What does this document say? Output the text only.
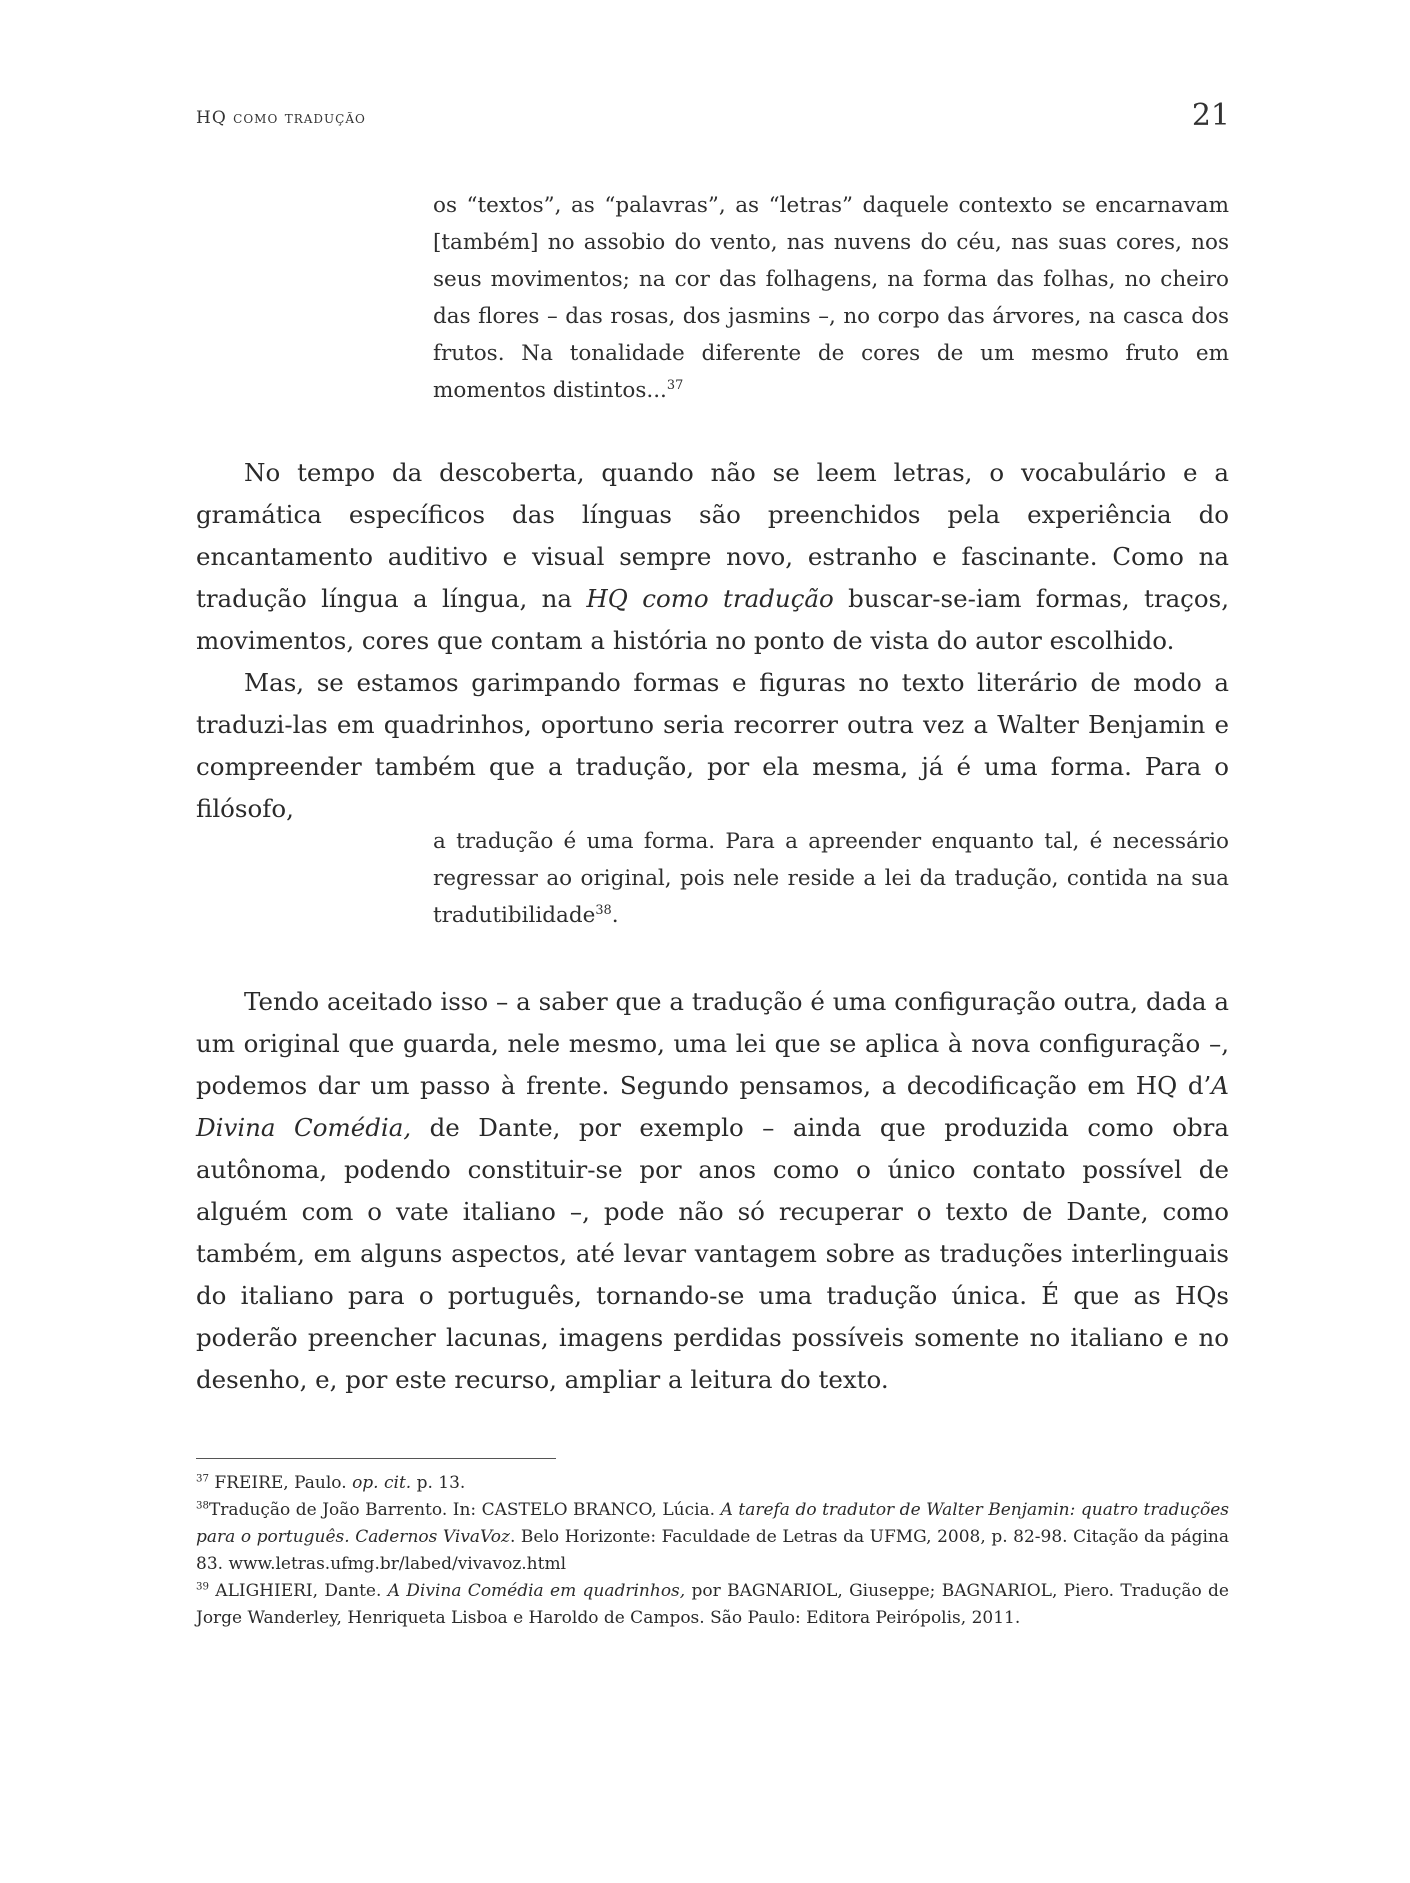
HQ como tradução	21
os “textos”, as “palavras”, as “letras” daquele contexto se encarnavam [também] no assobio do vento, nas nuvens do céu, nas suas cores, nos seus movimentos; na cor das folhagens, na forma das folhas, no cheiro das flores – das rosas, dos jasmins –, no corpo das árvores, na casca dos frutos. Na tonalidade diferente de cores de um mesmo fruto em momentos distintos...$^{37}$

No tempo da descoberta, quando não se leem letras, o vocabulário e a gramática específicos das línguas são preenchidos pela experiência do encantamento auditivo e visual sempre novo, estranho e fascinante. Como na tradução língua a língua, na HQ como tradução buscar-se-iam formas, traços, movimentos, cores que contam a história no ponto de vista do autor escolhido.

Mas, se estamos garimpando formas e figuras no texto literário de modo a traduzi-las em quadrinhos, oportuno seria recorrer outra vez a Walter Benjamin e compreender também que a tradução, por ela mesma, já é uma forma. Para o filósofo,

a tradução é uma forma. Para a apreender enquanto tal, é necessário regressar ao original, pois nele reside a lei da tradução, contida na sua tradutibilidade$^{38}$.

Tendo aceitado isso – a saber que a tradução é uma configuração outra, dada a um original que guarda, nele mesmo, uma lei que se aplica à nova configuração –, podemos dar um passo à frente. Segundo pensamos, a decodificação em HQ d’A Divina Comédia, de Dante, por exemplo – ainda que produzida como obra autônoma, podendo constituir-se por anos como o único contato possível de alguém com o vate italiano –, pode não só recuperar o texto de Dante, como também, em alguns aspectos, até levar vantagem sobre as traduções interlinguais do italiano para o português, tornando-se uma tradução única. É que as HQs poderão preencher lacunas, imagens perdidas possíveis somente no italiano e no desenho, e, por este recurso, ampliar a leitura do texto.

$^{37}$ FREIRE, Paulo. op. cit. p. 13.

$^{38}$Tradução de João Barrento. In: CASTELO BRANCO, Lúcia. A tarefa do tradutor de Walter Benjamin: quatro traduções para o português. Cadernos VivaVoz. Belo Horizonte: Faculdade de Letras da UFMG, 2008, p. 82-98. Citação da página 83. www.letras.ufmg.br/labed/vivavoz.html

$^{39}$ ALIGHIERI, Dante. A Divina Comédia em quadrinhos, por BAGNARIOL, Giuseppe; BAGNARIOL, Piero. Tradução de Jorge Wanderley, Henriqueta Lisboa e Haroldo de Campos. São Paulo: Editora Peirópolis, 2011.
